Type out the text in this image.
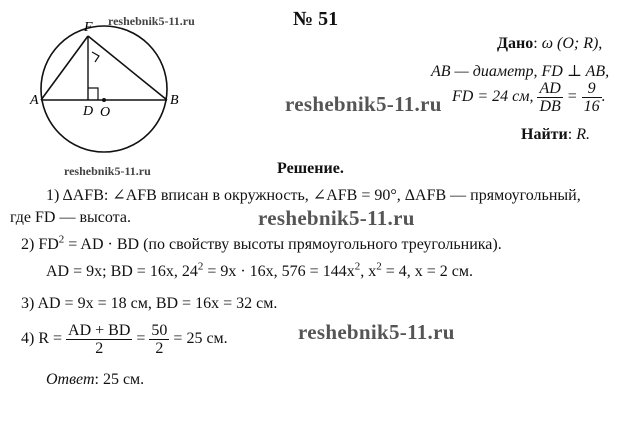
reshebnik5-11.ru
reshebnik5-11.ru
reshebnik5-11.ru
reshebnik5-11.ru
reshebnik5-11.ru
№ 51
F
A
D O
B
Дано: ω (O; R),
AB — диаметр, FD ⊥ AB,
FD = 24 см, $\frac{AD}{DB} = \frac{9}{16}$ .
Найти: R.
Решение.
1) ΔAFB: ∠AFB вписан в окружность, ∠AFB = 90°, ΔAFB — прямоугольный,
где FD — высота.
2) $FD^2$ = AD · BD (по свойству высоты прямоугольного треугольника).
AD = 9x; BD = 16x, $24^2 = 9x \cdot 16x$, $576 = 144x^2$, $x^2 = 4$, x = 2 см.
3) AD = 9x = 18 см, BD = 16x = 32 см.
4) $R = \frac{AD + BD}{2} = \frac{50}{2} = 25$ см.
Ответ: 25 см.
